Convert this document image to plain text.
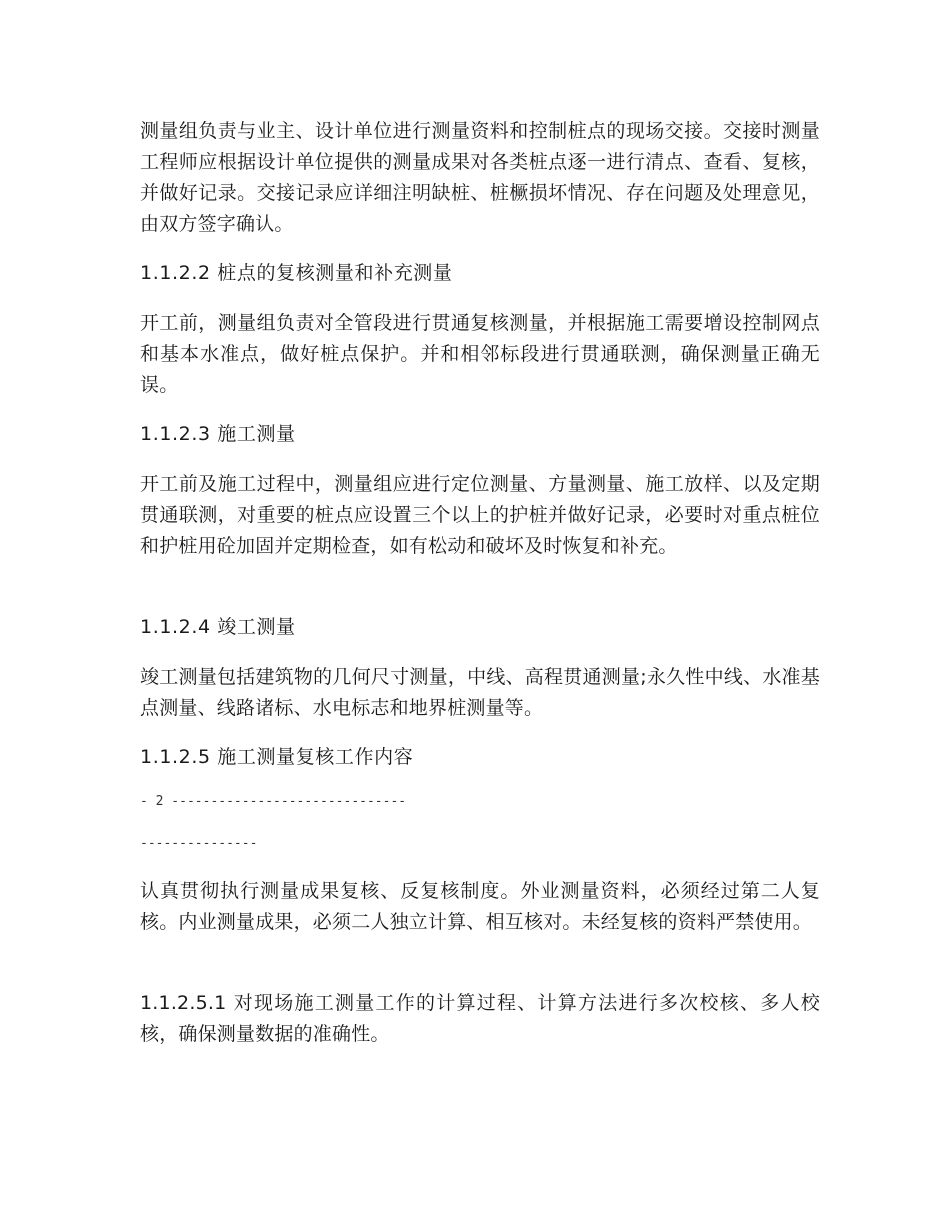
测量组负责与业主、设计单位进行测量资料和控制桩点的现场交接。交接时测量工程师应根据设计单位提供的测量成果对各类桩点逐一进行清点、查看、复核，并做好记录。交接记录应详细注明缺桩、桩橛损坏情况、存在问题及处理意见，由双方签字确认。

1.1.2.2 桩点的复核测量和补充测量

开工前，测量组负责对全管段进行贯通复核测量，并根据施工需要增设控制网点和基本水准点，做好桩点保护。并和相邻标段进行贯通联测，确保测量正确无误。

1.1.2.3 施工测量

开工前及施工过程中，测量组应进行定位测量、方量测量、施工放样、以及定期贯通联测，对重要的桩点应设置三个以上的护桩并做好记录，必要时对重点桩位和护桩用砼加固并定期检查，如有松动和破坏及时恢复和补充。

1.1.2.4 竣工测量

竣工测量包括建筑物的几何尺寸测量，中线、高程贯通测量;永久性中线、水准基点测量、线路诸标、水电标志和地界桩测量等。

1.1.2.5 施工测量复核工作内容

- 2 ------------------------------

---------------

认真贯彻执行测量成果复核、反复核制度。外业测量资料，必须经过第二人复核。内业测量成果，必须二人独立计算、相互核对。未经复核的资料严禁使用。

1.1.2.5.1 对现场施工测量工作的计算过程、计算方法进行多次校核、多人校核，确保测量数据的准确性。
